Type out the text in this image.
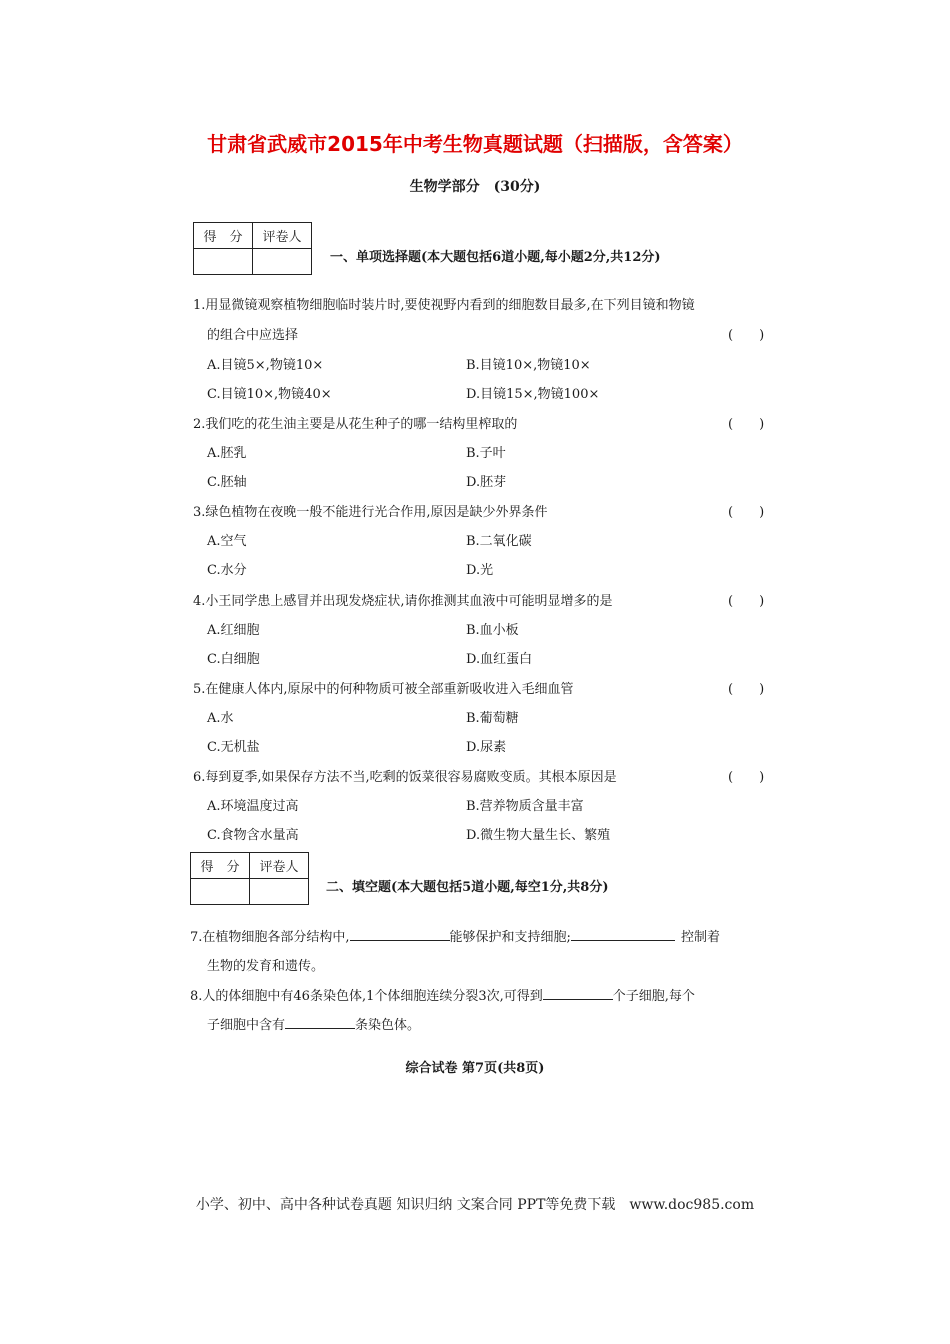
甘肃省武威市2015年中考生物真题试题（扫描版，含答案）
生物学部分　(30分)
得　分	评卷人

一、单项选择题(本大题包括6道小题,每小题2分,共12分)
1.用显微镜观察植物细胞临时装片时,要使视野内看到的细胞数目最多,在下列目镜和物镜
的组合中应选择	(　　)
A.目镜5×,物镜10×	B.目镜10×,物镜10×
C.目镜10×,物镜40×	D.目镜15×,物镜100×
2.我们吃的花生油主要是从花生种子的哪一结构里榨取的	(　　)
A.胚乳	B.子叶
C.胚轴	D.胚芽
3.绿色植物在夜晚一般不能进行光合作用,原因是缺少外界条件	(　　)
A.空气	B.二氧化碳
C.水分	D.光
4.小王同学患上感冒并出现发烧症状,请你推测其血液中可能明显增多的是	(　　)
A.红细胞	B.血小板
C.白细胞	D.血红蛋白
5.在健康人体内,原尿中的何种物质可被全部重新吸收进入毛细血管	(　　)
A.水	B.葡萄糖
C.无机盐	D.尿素
6.每到夏季,如果保存方法不当,吃剩的饭菜很容易腐败变质。其根本原因是	(　　)
A.环境温度过高	B.营养物质含量丰富
C.食物含水量高	D.微生物大量生长、繁殖
得　分	评卷人

二、填空题(本大题包括5道小题,每空1分,共8分)
7.在植物细胞各部分结构中,	能够保护和支持细胞;	控制着
生物的发育和遗传。
8.人的体细胞中有46条染色体,1个体细胞连续分裂3次,可得到	个子细胞,每个
子细胞中含有	条染色体。
综合试卷 第7页(共8页)
小学、初中、高中各种试卷真题 知识归纳 文案合同 PPT等免费下载　www.doc985.com
